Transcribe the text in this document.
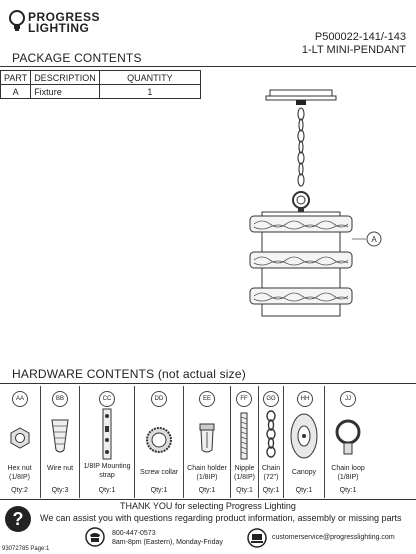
PROGRESS
LIGHTING
P500022-141/-143
1-LT MINI-PENDANT
PACKAGE CONTENTS
PART	DESCRIPTION	QUANTITY
A	Fixture	1
A
HARDWARE CONTENTS (not actual size)
AA
Hex nut (1/8IP)
Qty:2
BB
Wire nut
Qty:3
CC
1/8IP Mounting strap
Qty:1
DD
Screw collar
Qty:1
EE
Chain holder (1/8IP)
Qty:1
FF
Nipple (1/8IP)
Qty:1
GG
Chain (72")
Qty:1
HH
Canopy
Qty:1
JJ
Chain loop (1/8IP)
Qty:1
?
THANK YOU for selecting Progress Lighting
We can assist you with questions regarding product information, assembly or missing parts
800-447-0573
8am-8pm (Eastern), Monday-Friday
customerservice@progresslighting.com
93072785 Page:1
